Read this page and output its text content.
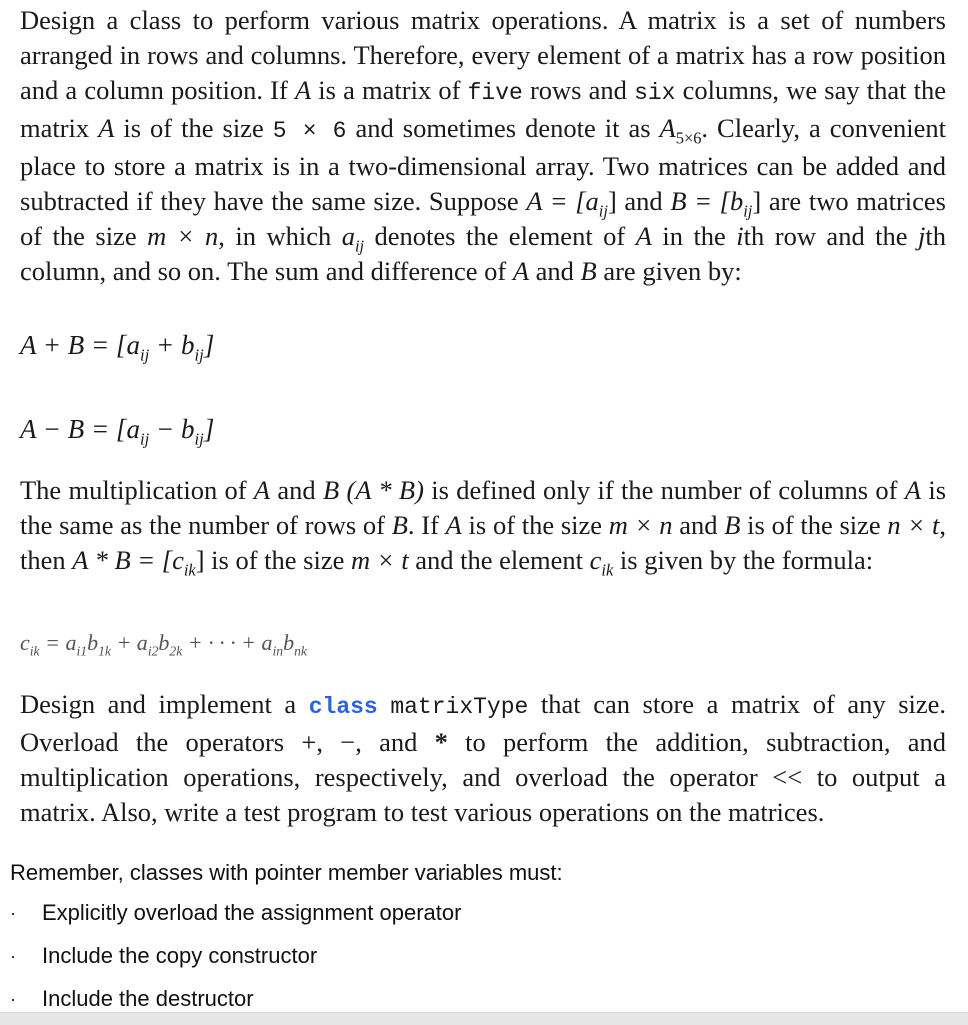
Design a class to perform various matrix operations. A matrix is a set of numbers arranged in rows and columns. Therefore, every element of a matrix has a row position and a column position. If A is a matrix of five rows and six columns, we say that the matrix A is of the size 5 × 6 and sometimes denote it as $A_{5\times 6}$. Clearly, a convenient place to store a matrix is in a two-dimensional array. Two matrices can be added and subtracted if they have the same size. Suppose $A = [a_{ij}]$ and $B = [b_{ij}]$ are two matrices of the size m × n, in which $a_{ij}$ denotes the element of A in the ith row and the jth column, and so on. The sum and difference of A and B are given by:

$A + B = [a_{ij} + b_{ij}]$
$A - B = [a_{ij} - b_{ij}]$

The multiplication of A and B (A * B) is defined only if the number of columns of A is the same as the number of rows of B. If A is of the size m × n and B is of the size n × t, then $A * B = [c_{ik}]$ is of the size m × t and the element $c_{ik}$ is given by the formula:

$c_{ik} = a_{i1}b_{1k} + a_{i2}b_{2k}$ + · · · + $a_{in}b_{nk}$

Design and implement a class matrixType that can store a matrix of any size. Overload the operators +, −, and * to perform the addition, subtraction, and multiplication operations, respectively, and overload the operator << to output a matrix. Also, write a test program to test various operations on the matrices.

Remember, classes with pointer member variables must:

· Explicitly overload the assignment operator
· Include the copy constructor
· Include the destructor
